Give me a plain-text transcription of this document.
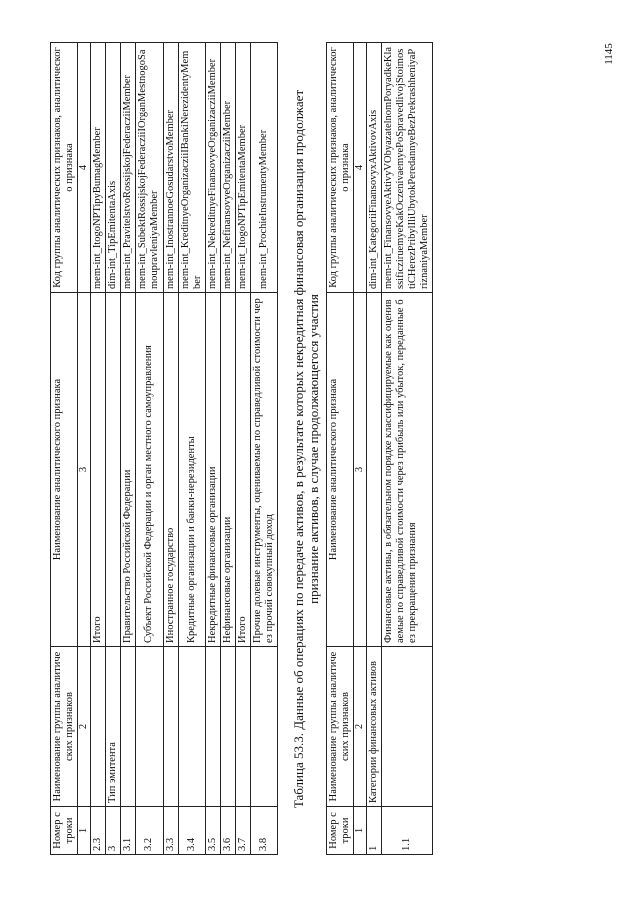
1145
Номер строки	Наименование группы аналитических признаков	Наименование аналитического признака	Код группы аналитических признаков, аналитического признака
1	2	3	4
2.3		Итого	mem-int_ItogoNPTipyBumagMember
3	Тип эмитента		dim-int_TipEmitentaAxis
3.1		Правительство Российской Федерации	mem-int_PravitelstvoRossijskojFederacziiMember
3.2		Субъект Российской Федерации и орган местного самоуправления	mem-int_SubektRossijskojFederacziiIOrganMestnogoSamoupravleniyaMember
3.3		Иностранное государство	mem-int_InostrannoeGosudarstvoMember
3.4		Кредитные организации и банки-нерезиденты	mem-int_KreditnyeOrganizacziiIBankiNerezidentyMember
3.5		Некредитные финансовые организации	mem-int_NekreditnyeFinansovyeOrganizacziiMember
3.6		Нефинансовые организации	mem-int_NefinansovyeOrganizacziiMember
3.7		Итого	mem-int_ItogoNPTipEmitentaMember
3.8		Прочие долевые инструменты, оцениваемые по справедливой стоимости через прочий совокупный доход	mem-int_ProchieInstrumentyMember Таблица 53.3. Данные об операциях по передаче активов, в результате которых некредитная финансовая организация продолжает признание активов, в случае продолжающегося участия
Номер строки	Наименование группы аналитических признаков	Наименование аналитического признака	Код группы аналитических признаков, аналитического признака
1	2	3	4
1	Категории финансовых активов		dim-int_KategoriiFinansovyxAktivovAxis
1.1		Финансовые активы, в обязательном порядке классифицируемые как оцениваемые по справедливой стоимости через прибыль или убыток, переданные без прекращения признания	mem-int_FinansovyeAktivyVObyazatelnomPoryadkeKlassificziruemyeKakOczenivaemyePoSpravedlivojStoimostiCHerezPribylIliUbytokPeredannyeBezPrekrashheniyaPriznaniyaMember
